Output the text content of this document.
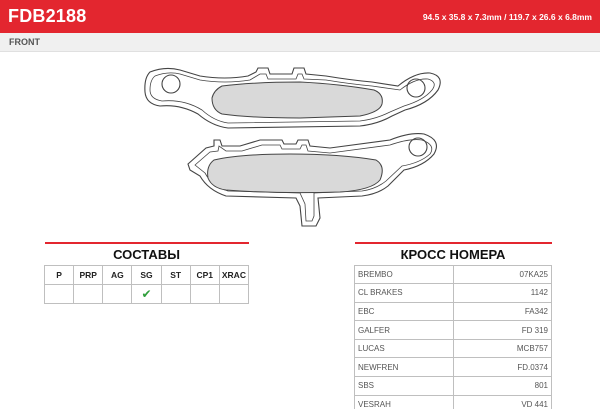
FDB2188	94.5 x 35.8 x 7.3mm / 119.7 x 26.6 x 6.8mm
FRONT
СОСТАВЫ						
P	PRP	AG	SG	ST	CP1	XRAC
			✔			
КРОСС НОМЕРА	
BREMBO	07KA25
CL BRAKES	1142
EBC	FA342
GALFER	FD 319
LUCAS	MCB757
NEWFREN	FD.0374
SBS	801
VESRAH	VD 441
